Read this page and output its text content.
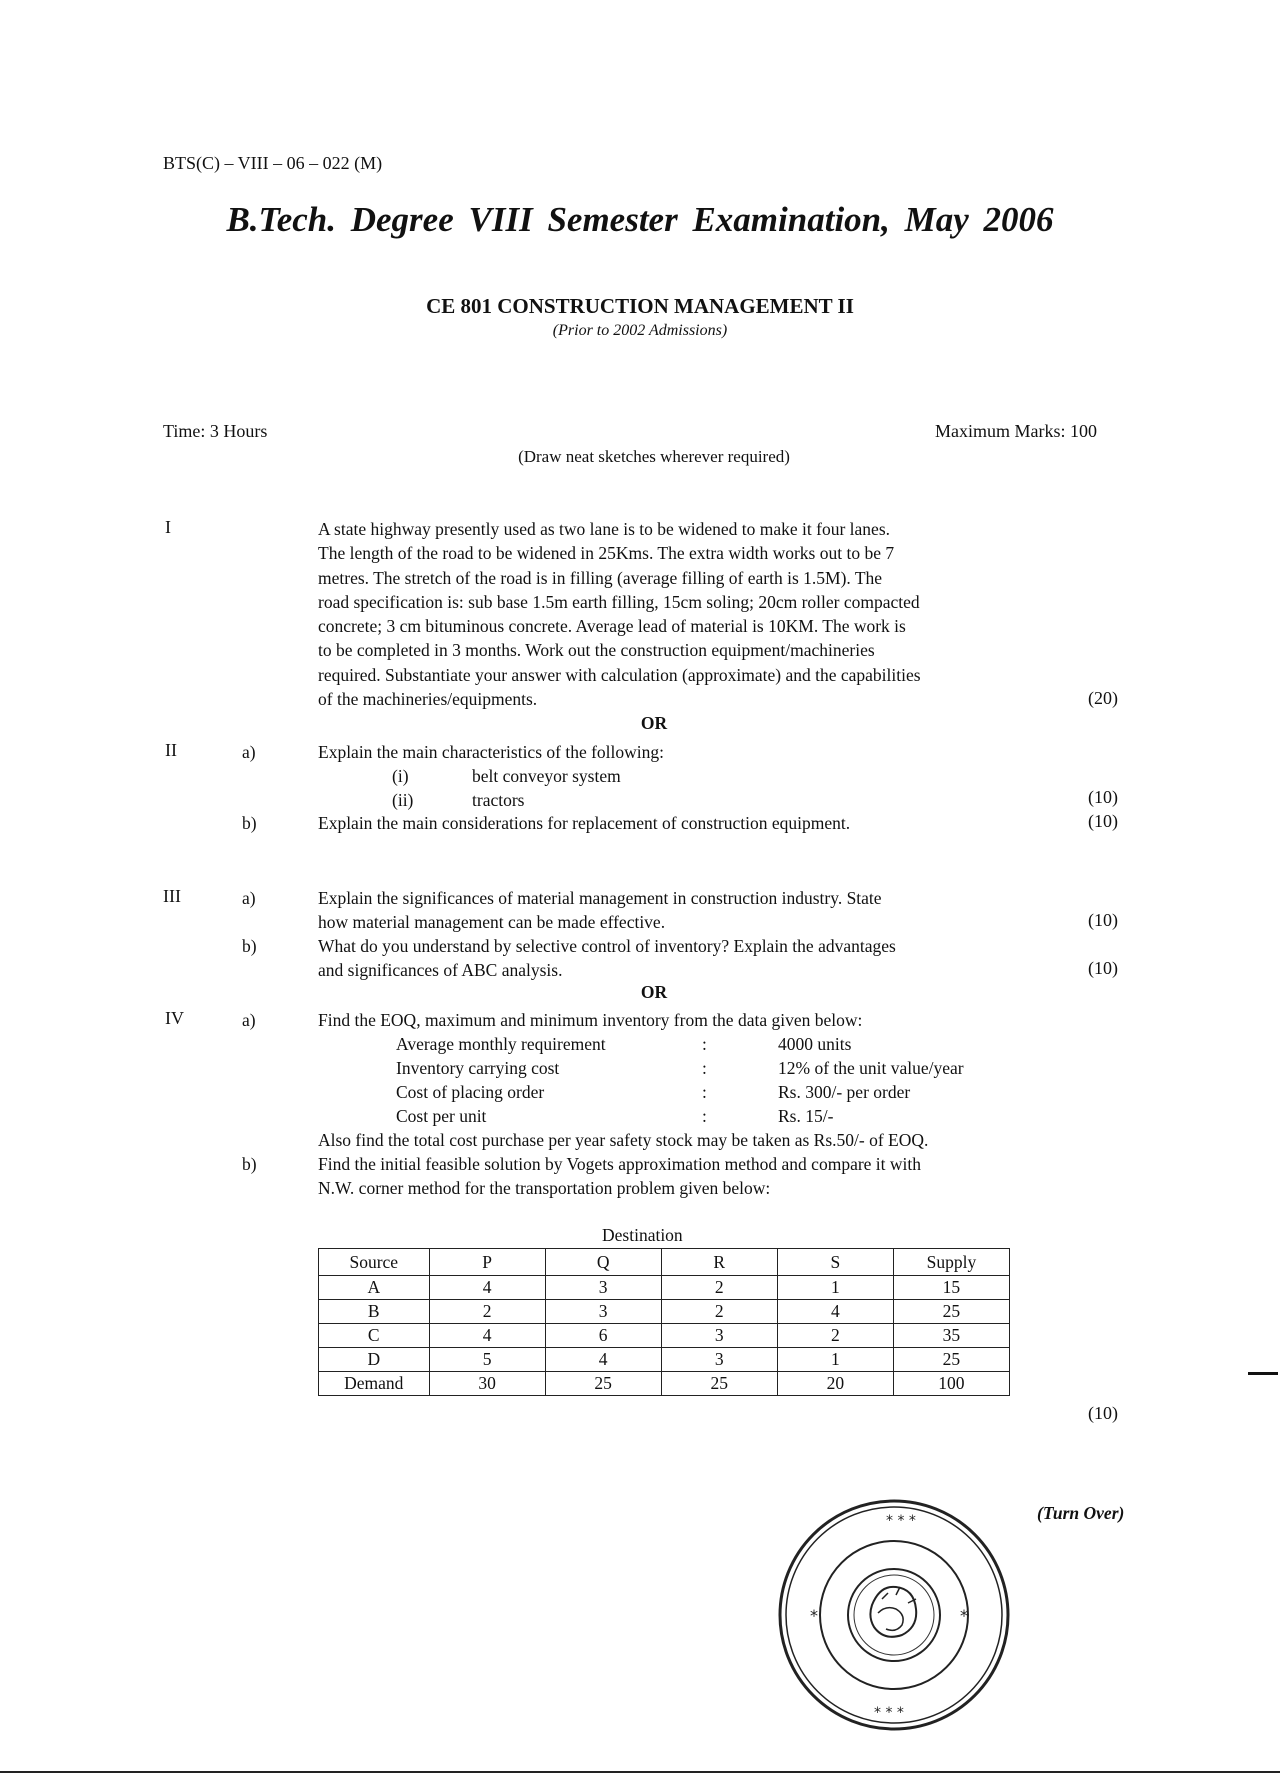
BTS(C) – VIII – 06 – 022 (M)
B.Tech. Degree VIII Semester Examination, May 2006
CE 801 CONSTRUCTION MANAGEMENT II
(Prior to 2002 Admissions)
Time: 3 Hours	Maximum Marks: 100
(Draw neat sketches wherever required)
I	A state highway presently used as two lane is to be widened to make it four lanes.
The length of the road to be widened in 25Kms. The extra width works out to be 7
metres. The stretch of the road is in filling (average filling of earth is 1.5M). The
road specification is: sub base 1.5m earth filling, 15cm soling; 20cm roller compacted
concrete; 3 cm bituminous concrete. Average lead of material is 10KM. The work is
to be completed in 3 months. Work out the construction equipment/machineries
required. Substantiate your answer with calculation (approximate) and the capabilities
of the machineries/equipments.	(20)
OR
II	a)	Explain the main characteristics of the following:
(i)	belt conveyor system
(ii)	tractors	(10)
b)	Explain the main considerations for replacement of construction equipment.	(10)
III	a)	Explain the significances of material management in construction industry. State
how material management can be made effective.	(10)
b)	What do you understand by selective control of inventory? Explain the advantages
and significances of ABC analysis.	(10)
OR
IV	a)	Find the EOQ, maximum and minimum inventory from the data given below:
Average monthly requirement	:	4000 units
Inventory carrying cost	:	12% of the unit value/year
Cost of placing order	:	Rs. 300/- per order
Cost per unit	:	Rs. 15/-
Also find the total cost purchase per year safety stock may be taken as Rs.50/- of EOQ.
b)	Find the initial feasible solution by Vogets approximation method and compare it with
N.W. corner method for the transportation problem given below:
Destination
Source	P	Q	R	S	Supply
A	4	3	2	1	15
B	2	3	2	4	25
C	4	6	3	2	35
D	5	4	3	1	25
Demand	30	25	25	20	100
(10)
*	*
* * *
* * *
(Turn Over)
